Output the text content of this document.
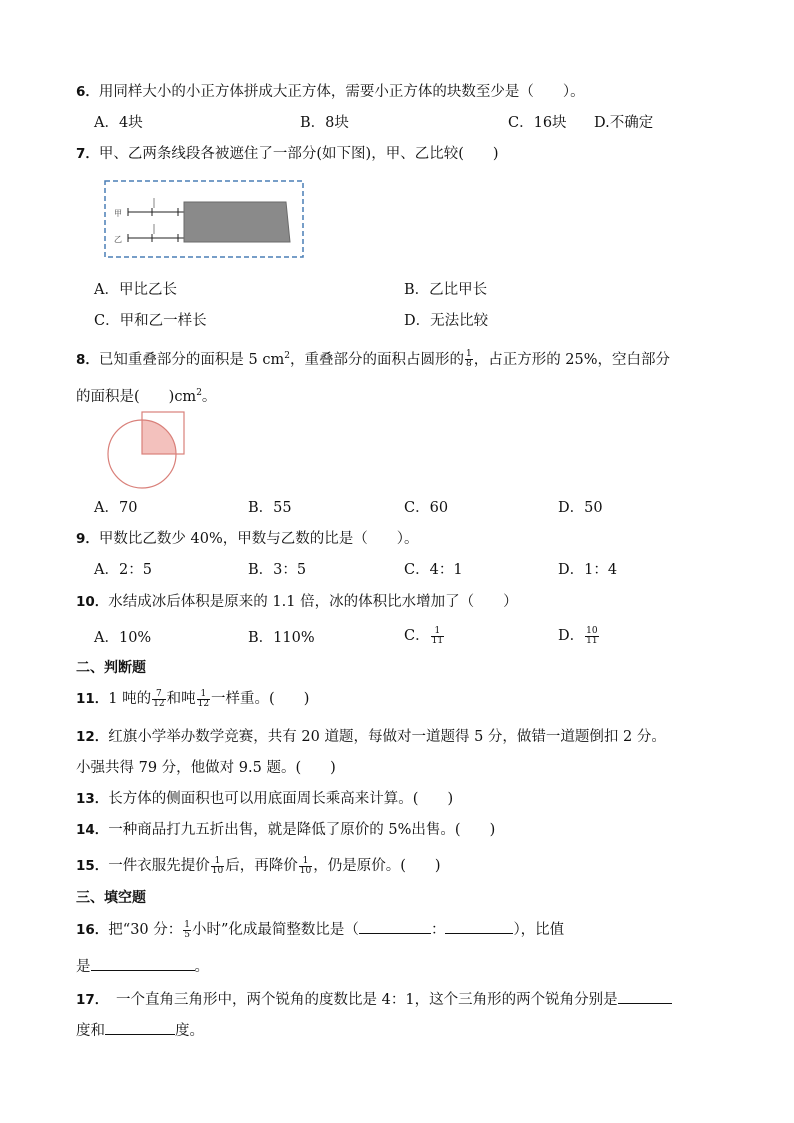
6．用同样大小的小正方体拼成大正方体，需要小正方体的块数至少是（　　）。
A．4块	B．8块	C．16块 D.不确定
7．甲、乙两条线段各被遮住了一部分(如下图)，甲、乙比较(　　)
甲
乙
A．甲比乙长	B．乙比甲长
C．甲和乙一样长	D．无法比较
8．已知重叠部分的面积是 5 $cm^2$，重叠部分的面积占圆形的 $\frac{1}{8}$ ，占正方形的 25%，空白部分
的面积是(　　)$cm^2$。
A．70	B．55	C．60	D．50
9．甲数比乙数少 40%，甲数与乙数的比是（　　）。
A．2：5	B．3：5	C．4：1	D．1：4
10．水结成冰后体积是原来的 1.1 倍，冰的体积比水增加了（　　）
A．10%	B．110%	C． $\frac{1}{11}$	D． $\frac{10}{11}$
二、判断题
11．1 吨的 $\frac{7}{12}$ 和吨 $\frac{1}{12}$ 一样重。(　　)
12．红旗小学举办数学竞赛，共有 20 道题，每做对一道题得 5 分，做错一道题倒扣 2 分。
小强共得 79 分，他做对 9.5 题。(　　)
13．长方体的侧面积也可以用底面周长乘高来计算。(　　)
14．一种商品打九五折出售，就是降低了原价的 5%出售。(　　)
15．一件衣服先提价 $\frac{1}{10}$ 后，再降价 $\frac{1}{10}$ ，仍是原价。(　　)
三、填空题
16．把“30 分： $\frac{1}{5}$ 小时”化成最简整数比是（	：	），比值
是	。
17．　一个直角三角形中，两个锐角的度数比是 4：1，这个三角形的两个锐角分别是
度和	度。
